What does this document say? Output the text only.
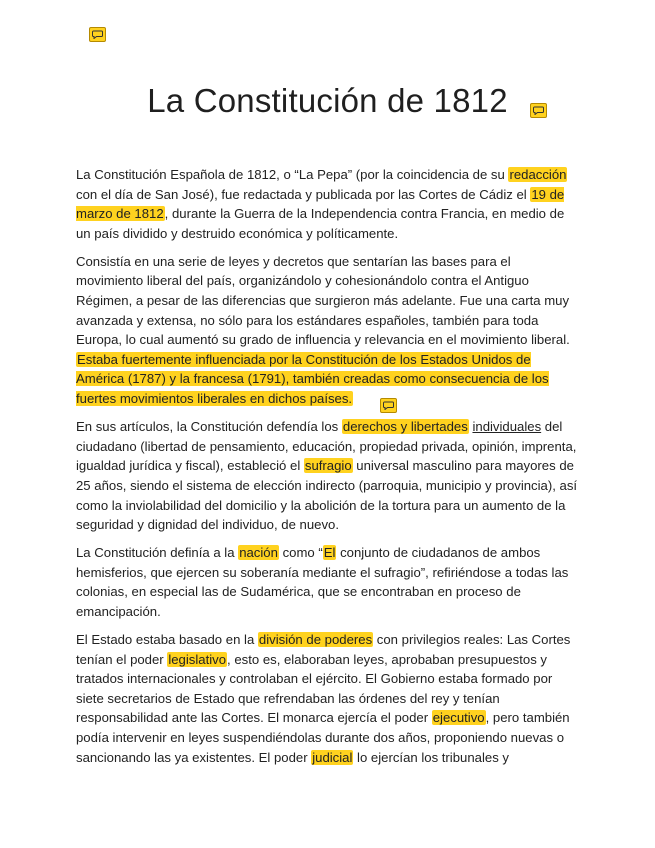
La Constitución de 1812

La Constitución Española de 1812, o “La Pepa” (por la coincidencia de su redacción con el día de San José), fue redactada y publicada por las Cortes de Cádiz el 19 de marzo de 1812, durante la Guerra de la Independencia contra Francia, en medio de un país dividido y destruido económica y políticamente.

Consistía en una serie de leyes y decretos que sentarían las bases para el movimiento liberal del país, organizándolo y cohesionándolo contra el Antiguo Régimen, a pesar de las diferencias que surgieron más adelante. Fue una carta muy avanzada y extensa, no sólo para los estándares españoles, también para toda Europa, lo cual aumentó su grado de influencia y relevancia en el movimiento liberal. Estaba fuertemente influenciada por la Constitución de los Estados Unidos de América (1787) y la francesa (1791), también creadas como consecuencia de los fuertes movimientos liberales en dichos países.

En sus artículos, la Constitución defendía los derechos y libertades individuales del ciudadano (libertad de pensamiento, educación, propiedad privada, opinión, imprenta, igualdad jurídica y fiscal), estableció el sufragio universal masculino para mayores de 25 años, siendo el sistema de elección indirecto (parroquia, municipio y provincia), así como la inviolabilidad del domicilio y la abolición de la tortura para un aumento de la seguridad y dignidad del individuo, de nuevo.

La Constitución definía a la nación como “El conjunto de ciudadanos de ambos hemisferios, que ejercen su soberanía mediante el sufragio”, refiriéndose a todas las colonias, en especial las de Sudamérica, que se encontraban en proceso de emancipación.

El Estado estaba basado en la división de poderes con privilegios reales: Las Cortes tenían el poder legislativo, esto es, elaboraban leyes, aprobaban presupuestos y tratados internacionales y controlaban el ejército. El Gobierno estaba formado por siete secretarios de Estado que refrendaban las órdenes del rey y tenían responsabilidad ante las Cortes. El monarca ejercía el poder ejecutivo, pero también podía intervenir en leyes suspendiéndolas durante dos años, proponiendo nuevas o sancionando las ya existentes. El poder judicial lo ejercían los tribunales y
